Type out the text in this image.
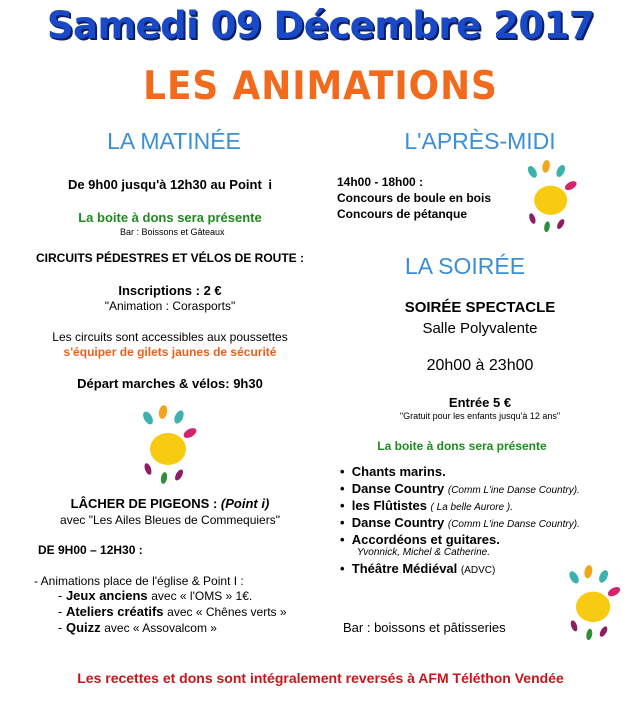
Samedi 09 Décembre 2017
LES ANIMATIONS
LA MATINÉE
De 9h00 jusqu'à 12h30 au Point i
La boite à dons sera présente
Bar : Boissons et Gâteaux
CIRCUITS PÉDESTRES ET VÉLOS DE ROUTE :
Inscriptions : 2 €
"Animation : Corasports"
Les circuits sont accessibles aux poussettes
s'équiper de gilets jaunes de sécurité
Départ marches & vélos: 9h30
LÂCHER DE PIGEONS : (Point i)
avec "Les Ailes Bleues de Commequiers"
DE 9H00 – 12H30 :
- Animations place de l'église & Point I :
- Jeux anciens avec « l'OMS » 1€.
- Ateliers créatifs avec « Chênes verts »
- Quizz avec « Assovalcom »
L'APRÈS-MIDI
14h00 - 18h00 :
Concours de boule en bois
Concours de pétanque
LA SOIRÉE
SOIRÉE SPECTACLE
Salle Polyvalente
20h00 à 23h00
Entrée 5 €
"Gratuit pour les enfants jusqu'à 12 ans"
La boite à dons sera présente
•  Chants marins.
•  Danse Country (Comm L'ine Danse Country).
•  les Flûtistes ( La belle Aurore ).
•  Danse Country (Comm L'ine Danse Country).
•  Accordéons et guitares.
Yvonnick, Michel & Catherine.
•  Théâtre Médiéval (ADVC)
Bar : boissons et pâtisseries
Les recettes et dons sont intégralement reversés à AFM Téléthon Vendée
